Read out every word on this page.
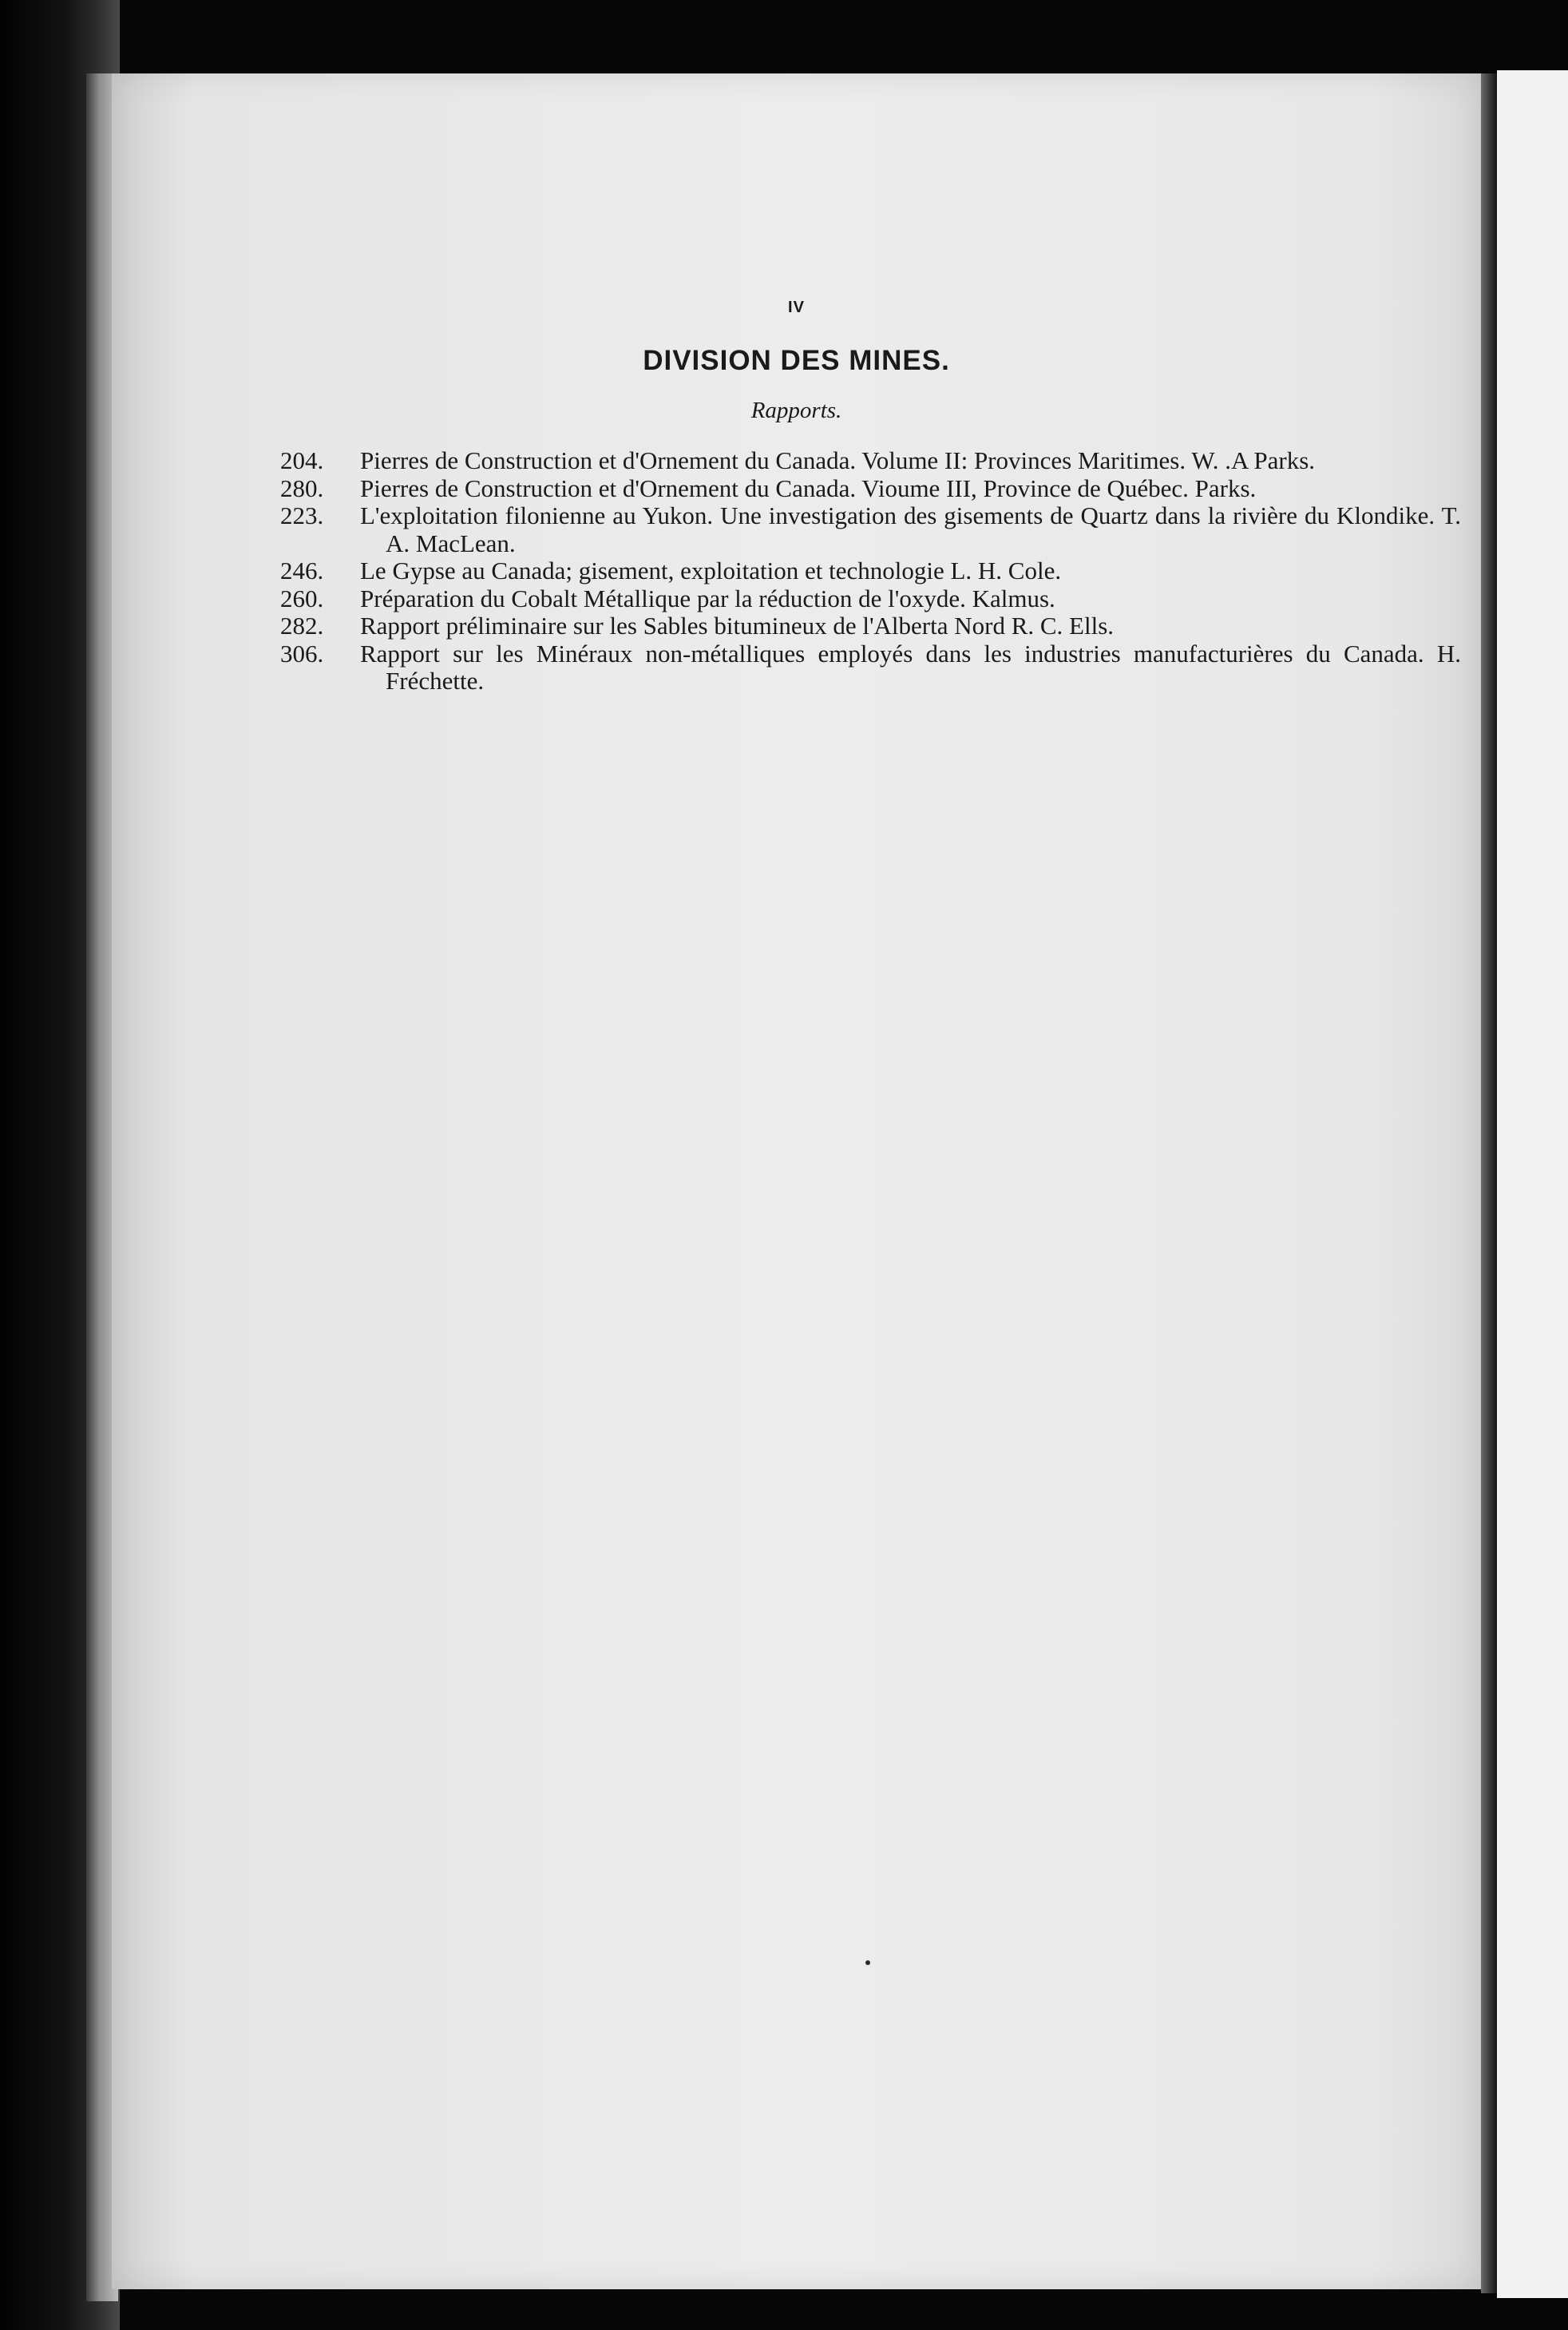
IV
DIVISION DES MINES.
Rapports.
204.	Pierres de Construction et d'Ornement du Canada. Volume II: Provinces Maritimes. W. .A Parks.
280.	Pierres de Construction et d'Ornement du Canada. Vioume III, Province de Québec. Parks.
223.	L'exploitation filonienne au Yukon. Une investigation des gisements de Quartz dans la rivière du Klondike. T. A. MacLean.
246.	Le Gypse au Canada; gisement, exploitation et technologie L. H. Cole.
260.	Préparation du Cobalt Métallique par la réduction de l'oxyde. Kalmus.
282.	Rapport préliminaire sur les Sables bitumineux de l'Alberta Nord R. C. Ells.
306.	Rapport sur les Minéraux non-métalliques employés dans les industries manufacturières du Canada. H. Fréchette.
